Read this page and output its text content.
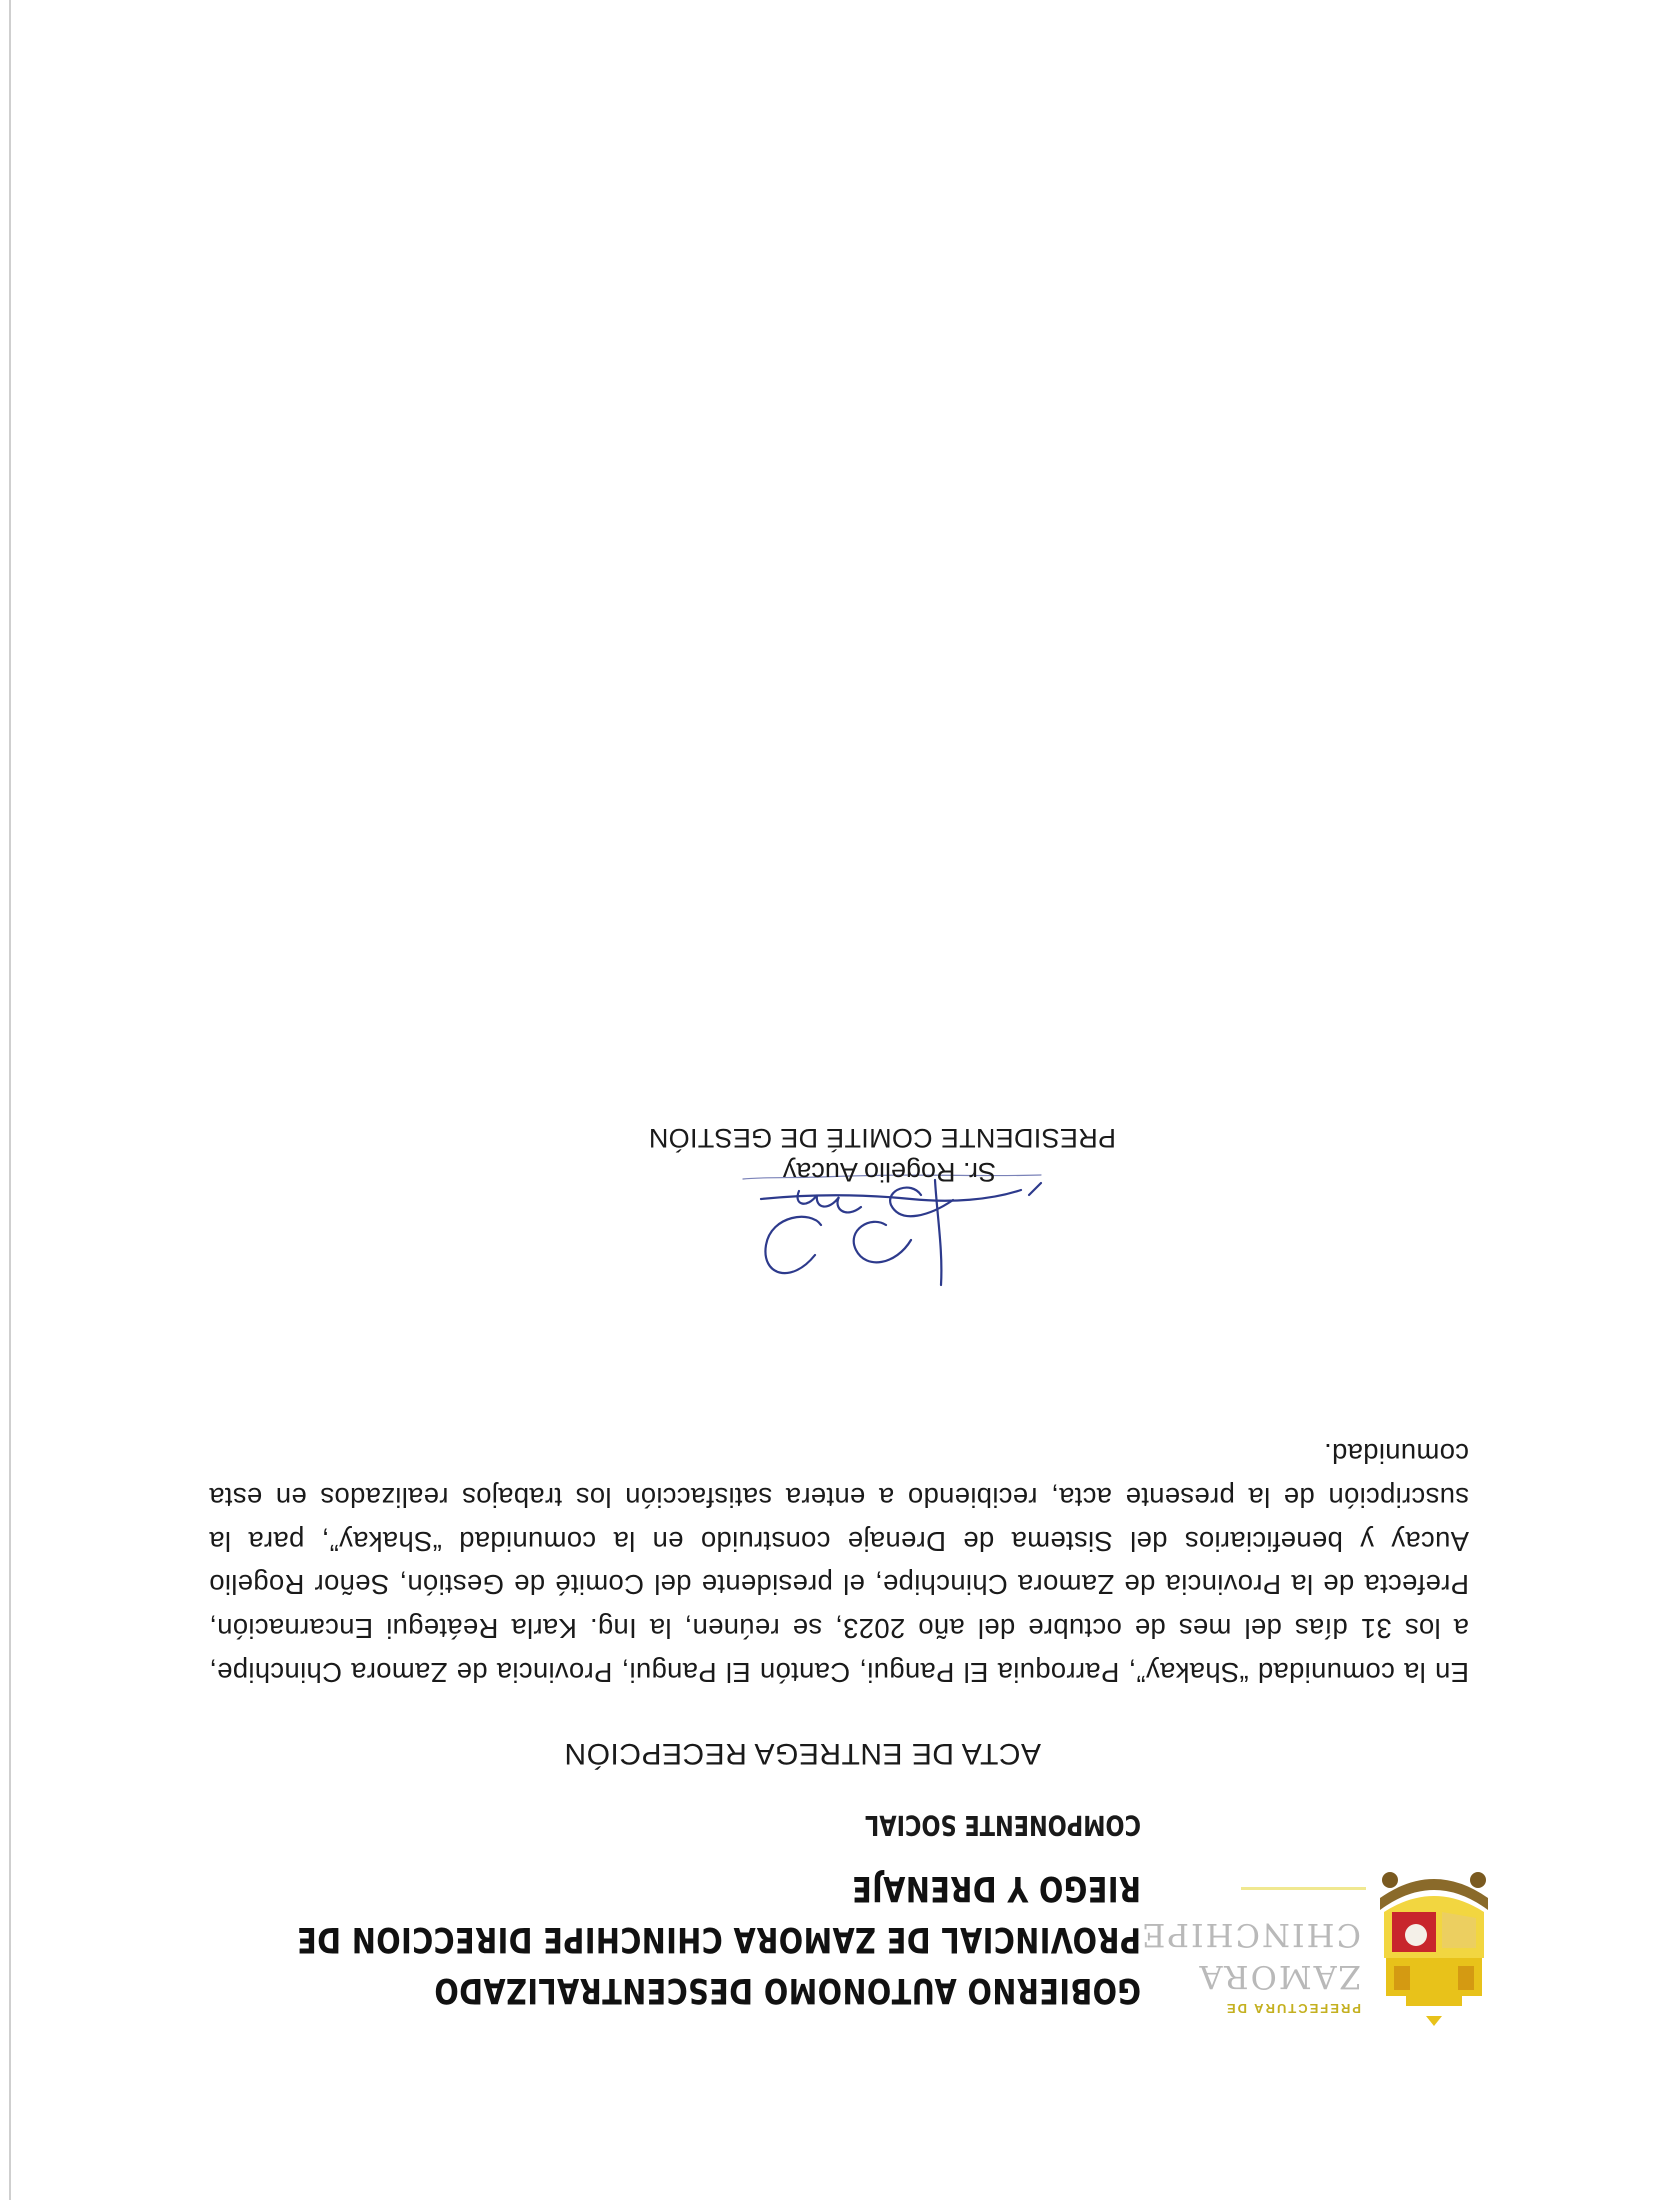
PREFECTURA DE
ZAMORA
CHINCHIPE
GOBIERNO AUTONOMO DESCENTRALIZADO
PROVINCIAL DE ZAMORA CHINCHIPE DIRECCION DE
RIEGO Y DRENAJE
COMPONENTE SOCIAL
ACTA DE ENTREGA RECEPCIÓN
En la comunidad “Shakay”, Parroquia El Pangui, Cantón El Pangui, Provincia de Zamora Chinchipe, a los 31 días del mes de octubre del año 2023, se reúnen, la Ing. Karla Reátegui Encarnación, Prefecta de la Provincia de Zamora Chinchipe, el presidente del Comité de Gestión, Señor Rogelio Aucay y beneficiarios del Sistema de Drenaje construido en la comunidad “Shakay”, para la suscripción de la presente acta, recibiendo a entera satisfacción los trabajos realizados en esta comunidad.
Sr. Rogelio Aucay
PRESIDENTE COMITÉ DE GESTIÓN
